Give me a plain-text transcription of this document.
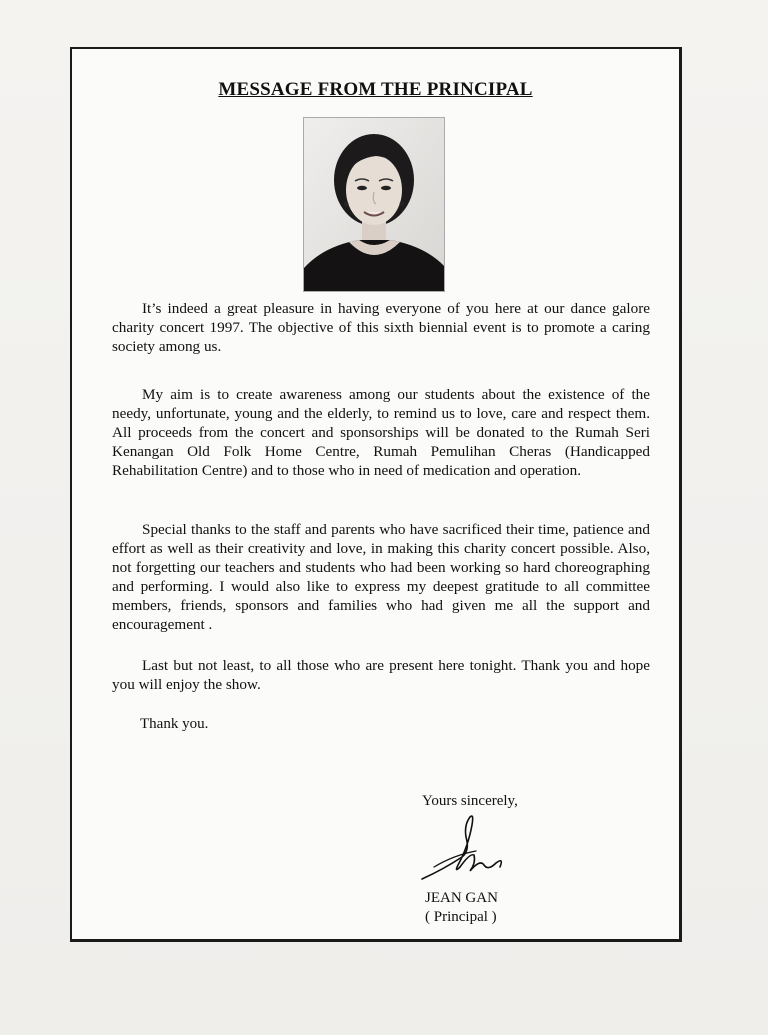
MESSAGE FROM THE PRINCIPAL

It’s indeed a great pleasure in having everyone of you here at our dance galore charity concert 1997. The objective of this sixth biennial event is to promote a caring society among us.

My aim is to create awareness among our students about the existence of the needy, unfortunate, young and the elderly, to remind us to love, care and respect them. All proceeds from the concert and sponsorships will be donated to the Rumah Seri Kenangan Old Folk Home Centre, Rumah Pemulihan Cheras (Handicapped Rehabilitation Centre) and to those who in need of medication and operation.

Special thanks to the staff and parents who have sacrificed their time, patience and effort as well as their creativity and love, in making this charity concert possible. Also, not forgetting our teachers and students who had been working so hard choreographing and performing. I would also like to express my deepest gratitude to all committee members, friends, sponsors and families who had given me all the support and encouragement .

Last but not least, to all those who are present here tonight. Thank you and hope you will enjoy the show.

Thank you.
Yours sincerely,
JEAN GAN
( Principal )
